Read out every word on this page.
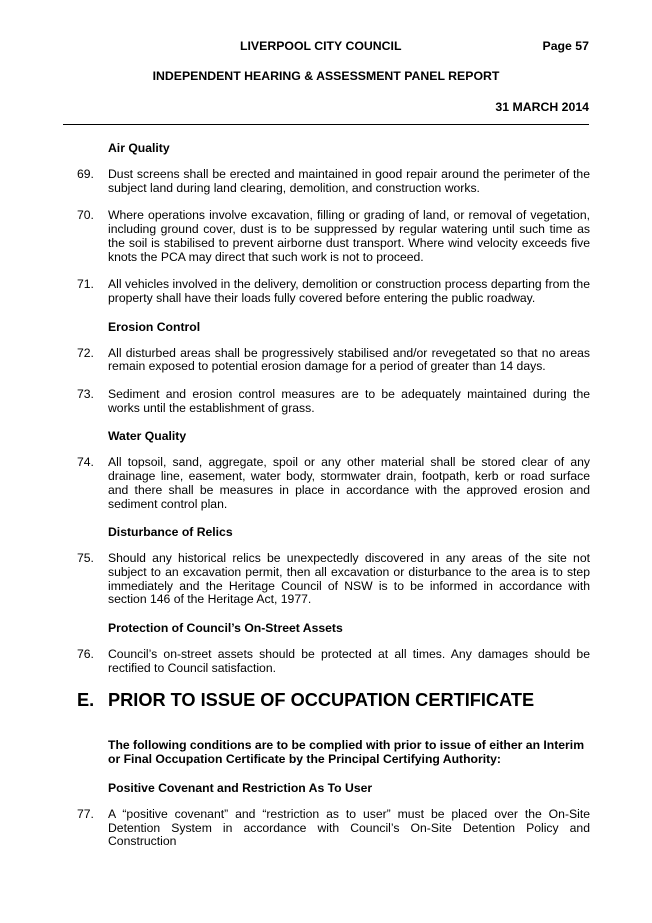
LIVERPOOL CITY COUNCIL	Page 57
INDEPENDENT HEARING & ASSESSMENT PANEL REPORT
31 MARCH 2014
Air Quality
69. Dust screens shall be erected and maintained in good repair around the perimeter of the subject land during land clearing, demolition, and construction works.
70. Where operations involve excavation, filling or grading of land, or removal of vegetation, including ground cover, dust is to be suppressed by regular watering until such time as the soil is stabilised to prevent airborne dust transport. Where wind velocity exceeds five knots the PCA may direct that such work is not to proceed.
71. All vehicles involved in the delivery, demolition or construction process departing from the property shall have their loads fully covered before entering the public roadway.
Erosion Control
72. All disturbed areas shall be progressively stabilised and/or revegetated so that no areas remain exposed to potential erosion damage for a period of greater than 14 days.
73. Sediment and erosion control measures are to be adequately maintained during the works until the establishment of grass.
Water Quality
74. All topsoil, sand, aggregate, spoil or any other material shall be stored clear of any drainage line, easement, water body, stormwater drain, footpath, kerb or road surface and there shall be measures in place in accordance with the approved erosion and sediment control plan.
Disturbance of Relics
75. Should any historical relics be unexpectedly discovered in any areas of the site not subject to an excavation permit, then all excavation or disturbance to the area is to step immediately and the Heritage Council of NSW is to be informed in accordance with section 146 of the Heritage Act, 1977.
Protection of Council’s On-Street Assets
76. Council’s on-street assets should be protected at all times. Any damages should be rectified to Council satisfaction.
E. PRIOR TO ISSUE OF OCCUPATION CERTIFICATE
The following conditions are to be complied with prior to issue of either an Interim or Final Occupation Certificate by the Principal Certifying Authority:
Positive Covenant and Restriction As To User
77. A “positive covenant” and “restriction as to user” must be placed over the On-Site Detention System in accordance with Council’s On-Site Detention Policy and Construction
